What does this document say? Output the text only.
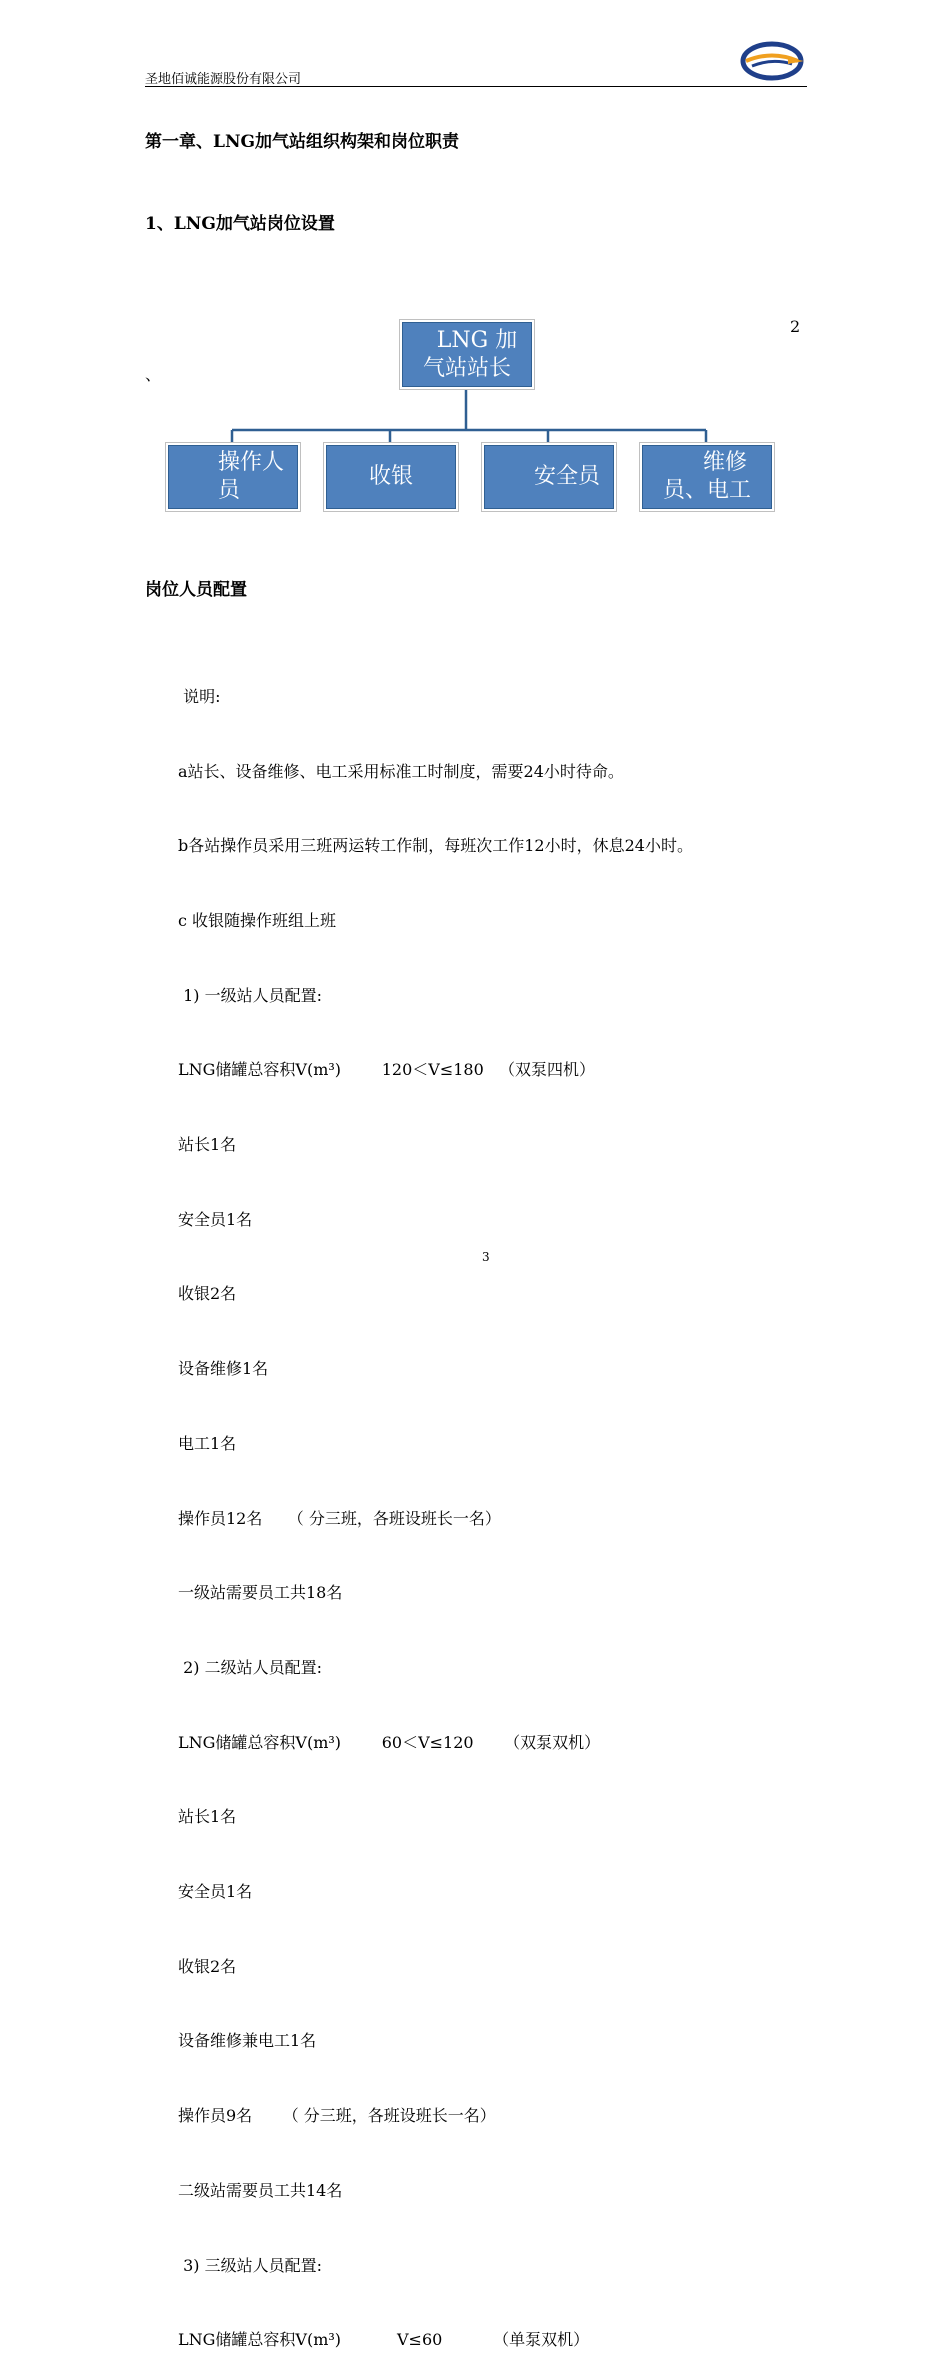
圣地佰诚能源股份有限公司
第一章、LNG加气站组织构架和岗位职责
1、LNG加气站岗位设置
2
、
LNG 加
气站站长
操作人
员
收银	安全员
维修
员、电工
岗位人员配置

说明:

a站长、设备维修、电工采用标准工时制度，需要24小时待命。

b各站操作员采用三班两运转工作制，每班次工作12小时，休息24小时。

c 收银随操作班组上班

1) 一级站人员配置:

LNG储罐总容积V(m³)        120＜V≤180   （双泵四机）

站长1名

安全员1名

收银2名

设备维修1名

电工1名

操作员12名     （ 分三班，各班设班长一名）

一级站需要员工共18名

2) 二级站人员配置:

LNG储罐总容积V(m³)        60＜V≤120      （双泵双机）

站长1名

安全员1名

收银2名

设备维修兼电工1名

操作员9名      （ 分三班，各班设班长一名）

二级站需要员工共14名

3) 三级站人员配置:

LNG储罐总容积V(m³)           V≤60          （单泵双机）

3
